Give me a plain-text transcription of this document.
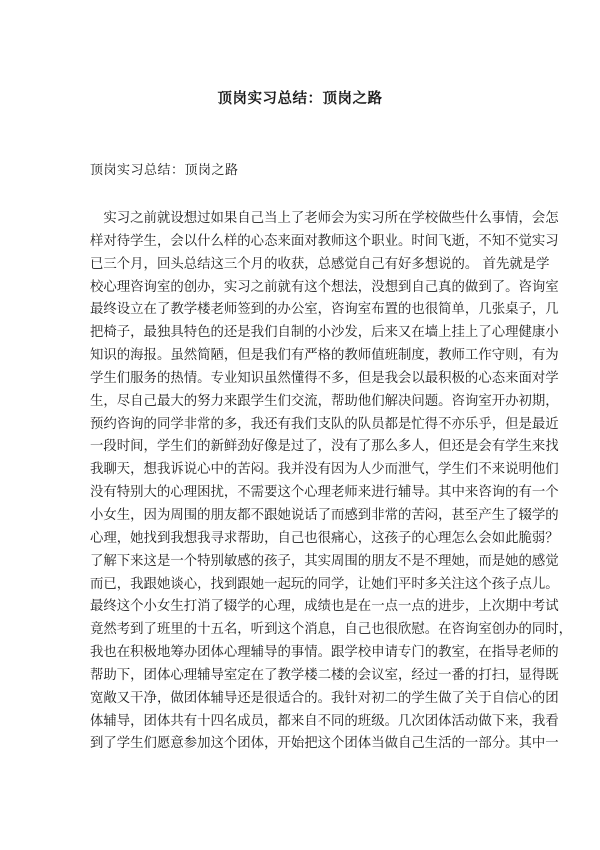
顶岗实习总结：顶岗之路
顶岗实习总结：顶岗之路

实习之前就设想过如果自己当上了老师会为实习所在学校做些什么事情，会怎

样对待学生，会以什么样的心态来面对教师这个职业。时间飞逝，不知不觉实习

已三个月，回头总结这三个月的收获，总感觉自己有好多想说的。 首先就是学

校心理咨询室的创办，实习之前就有这个想法，没想到自己真的做到了。咨询室

最终设立在了教学楼老师签到的办公室，咨询室布置的也很简单，几张桌子，几

把椅子，最独具特色的还是我们自制的小沙发，后来又在墙上挂上了心理健康小

知识的海报。虽然简陋，但是我们有严格的教师值班制度，教师工作守则，有为

学生们服务的热情。专业知识虽然懂得不多，但是我会以最积极的心态来面对学

生，尽自己最大的努力来跟学生们交流，帮助他们解决问题。咨询室开办初期，

预约咨询的同学非常的多，我还有我们支队的队员都是忙得不亦乐乎，但是最近

一段时间，学生们的新鲜劲好像是过了，没有了那么多人，但还是会有学生来找

我聊天，想我诉说心中的苦闷。我并没有因为人少而泄气，学生们不来说明他们

没有特别大的心理困扰，不需要这个心理老师来进行辅导。其中来咨询的有一个

小女生，因为周围的朋友都不跟她说话了而感到非常的苦闷，甚至产生了辍学的

心理，她找到我想我寻求帮助，自己也很痛心，这孩子的心理怎么会如此脆弱？

了解下来这是一个特别敏感的孩子，其实周围的朋友不是不理她，而是她的感觉

而已，我跟她谈心，找到跟她一起玩的同学，让她们平时多关注这个孩子点儿。

最终这个小女生打消了辍学的心理，成绩也是在一点一点的进步，上次期中考试

竟然考到了班里的十五名，听到这个消息，自己也很欣慰。在咨询室创办的同时，

我也在积极地筹办团体心理辅导的事情。跟学校申请专门的教室，在指导老师的

帮助下，团体心理辅导室定在了教学楼二楼的会议室，经过一番的打扫，显得既

宽敞又干净，做团体辅导还是很适合的。我针对初二的学生做了关于自信心的团

体辅导，团体共有十四名成员，都来自不同的班级。几次团体活动做下来，我看

到了学生们愿意参加这个团体，开始把这个团体当做自己生活的一部分。其中一
